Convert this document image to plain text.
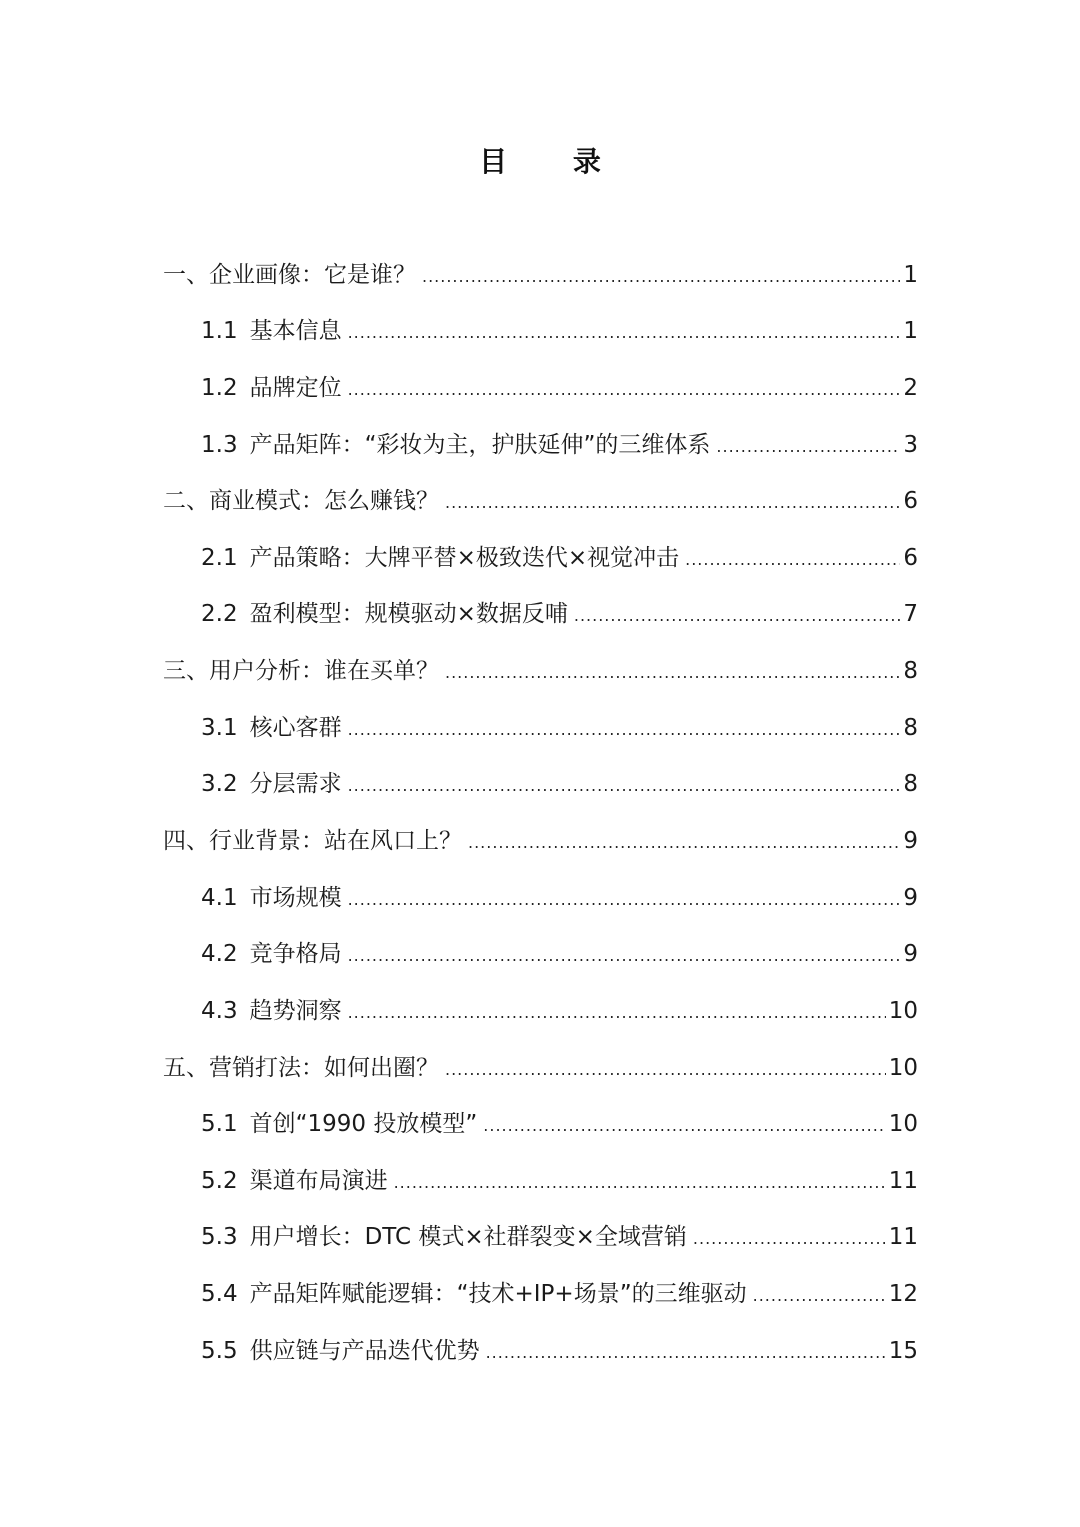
目 录
一、企业画像：它是谁？ .....	1
1.1 基本信息 .....	1
1.2 品牌定位 .....	2
1.3 产品矩阵：“彩妆为主，护肤延伸”的三维体系 .....	3
二、商业模式：怎么赚钱？ .....	6
2.1 产品策略：大牌平替×极致迭代×视觉冲击 .....	6
2.2 盈利模型：规模驱动×数据反哺 .....	7
三、用户分析：谁在买单？ .....	8
3.1 核心客群 .....	8
3.2 分层需求 .....	8
四、行业背景：站在风口上？ .....	9
4.1 市场规模 .....	9
4.2 竞争格局 .....	9
4.3 趋势洞察 .....	10
五、营销打法：如何出圈？ .....	10
5.1 首创“1990 投放模型” .....	10
5.2 渠道布局演进 .....	11
5.3 用户增长：DTC 模式×社群裂变×全域营销 .....	11
5.4 产品矩阵赋能逻辑：“技术+IP+场景”的三维驱动 .....	12
5.5 供应链与产品迭代优势 .....	15
